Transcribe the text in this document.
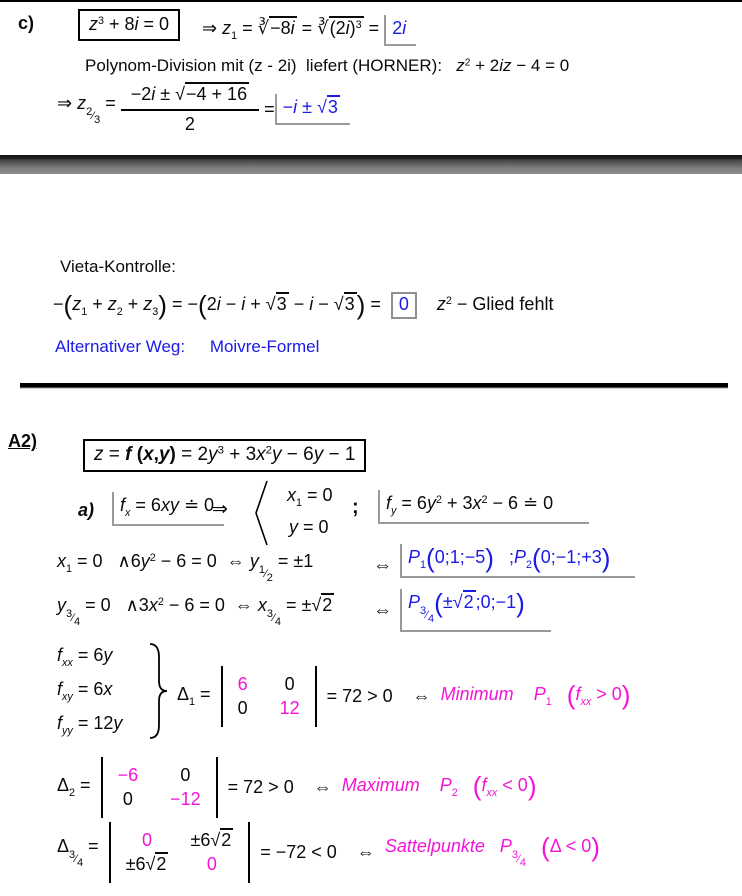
c)	$z^3 + 8i = 0$	⇒ $z_1$ = ∛−8i = $∛(2i)^3 = 2i$
Polynom-Division mit (z - 2i)  liefert (HORNER):   $z^2 + 2iz - 4 = 0$
⇒ z2⁄3 = $\frac{-2i \pm √-4 + 16}{2} = -i \pm √3$
Vieta-Kontrolle:
$-(z_1 + z_2 + z_3) = -(2i - i + √3 - i - √3) = 0$ $z^2$ − Glied fehlt
Alternativer Weg: Moivre-Formel
A2)
z = f $(x,y) = 2y^3 + 3x^2y - 6y - 1$
a)	$f_x = 6xy$ ≐ 0
⇒
$x_1 = 0$
y = 0
;	$f_y = 6y^2 + 3x^2 - 6$ ≐ 0
$x_1 = 0$   $\wedge 6y^2 - 6 = 0$  ⇔ y1⁄2 = ±1	⇔ $P_1(0;1;-5)$   $;P_2(0;-1;+3)$
y3⁄4 = 0   $\wedge 3x^2 - 6 = 0$  ⇔ x3⁄4 = ±√2 ⇔ P3⁄4(±√2 ;0;−1)
$f_{xx} = 6y$
$f_{xy} = 6x$
$f_{yy} = 12y$
$\Delta_1$ =
6 0
0 12
= 72 > 0 ⇔ Minimum $P_1$ $(f_{xx} > 0)$
$\Delta_2$ =
−6 0
0 −12
= 72 > 0 ⇔ Maximum $P_2$ $(f_{xx} < 0)$
Δ3⁄4 = 0 ±6√2
±6√2 0
= −72 < 0 ⇔ Sattelpunkte P3⁄4   (Δ < 0)
